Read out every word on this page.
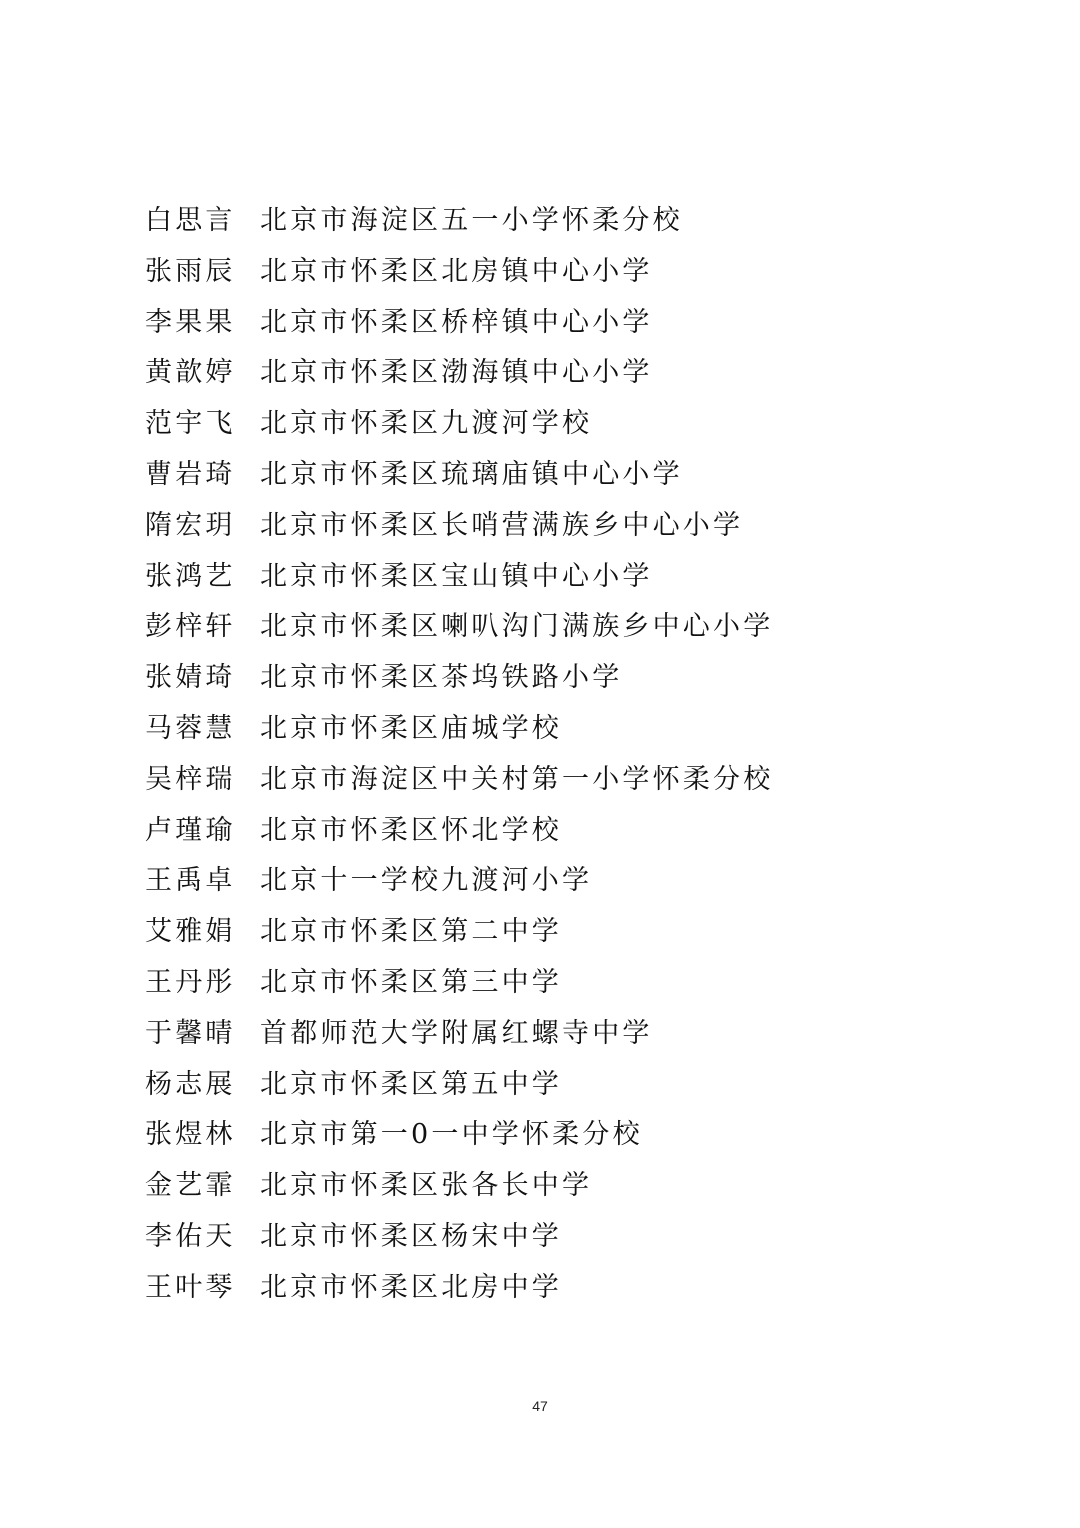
白思言 北京市海淀区五一小学怀柔分校
张雨辰 北京市怀柔区北房镇中心小学
李果果 北京市怀柔区桥梓镇中心小学
黄歆婷 北京市怀柔区渤海镇中心小学
范宇飞 北京市怀柔区九渡河学校
曹岩琦 北京市怀柔区琉璃庙镇中心小学
隋宏玥 北京市怀柔区长哨营满族乡中心小学
张鸿艺 北京市怀柔区宝山镇中心小学
彭梓轩 北京市怀柔区喇叭沟门满族乡中心小学
张婧琦 北京市怀柔区茶坞铁路小学
马蓉慧 北京市怀柔区庙城学校
吴梓瑞 北京市海淀区中关村第一小学怀柔分校
卢瑾瑜 北京市怀柔区怀北学校
王禹卓 北京十一学校九渡河小学
艾雅娟 北京市怀柔区第二中学
王丹彤 北京市怀柔区第三中学
于馨晴 首都师范大学附属红螺寺中学
杨志展 北京市怀柔区第五中学
张煜林 北京市第一0一中学怀柔分校
金艺霏 北京市怀柔区张各长中学
李佑天 北京市怀柔区杨宋中学
王叶琴 北京市怀柔区北房中学
47
